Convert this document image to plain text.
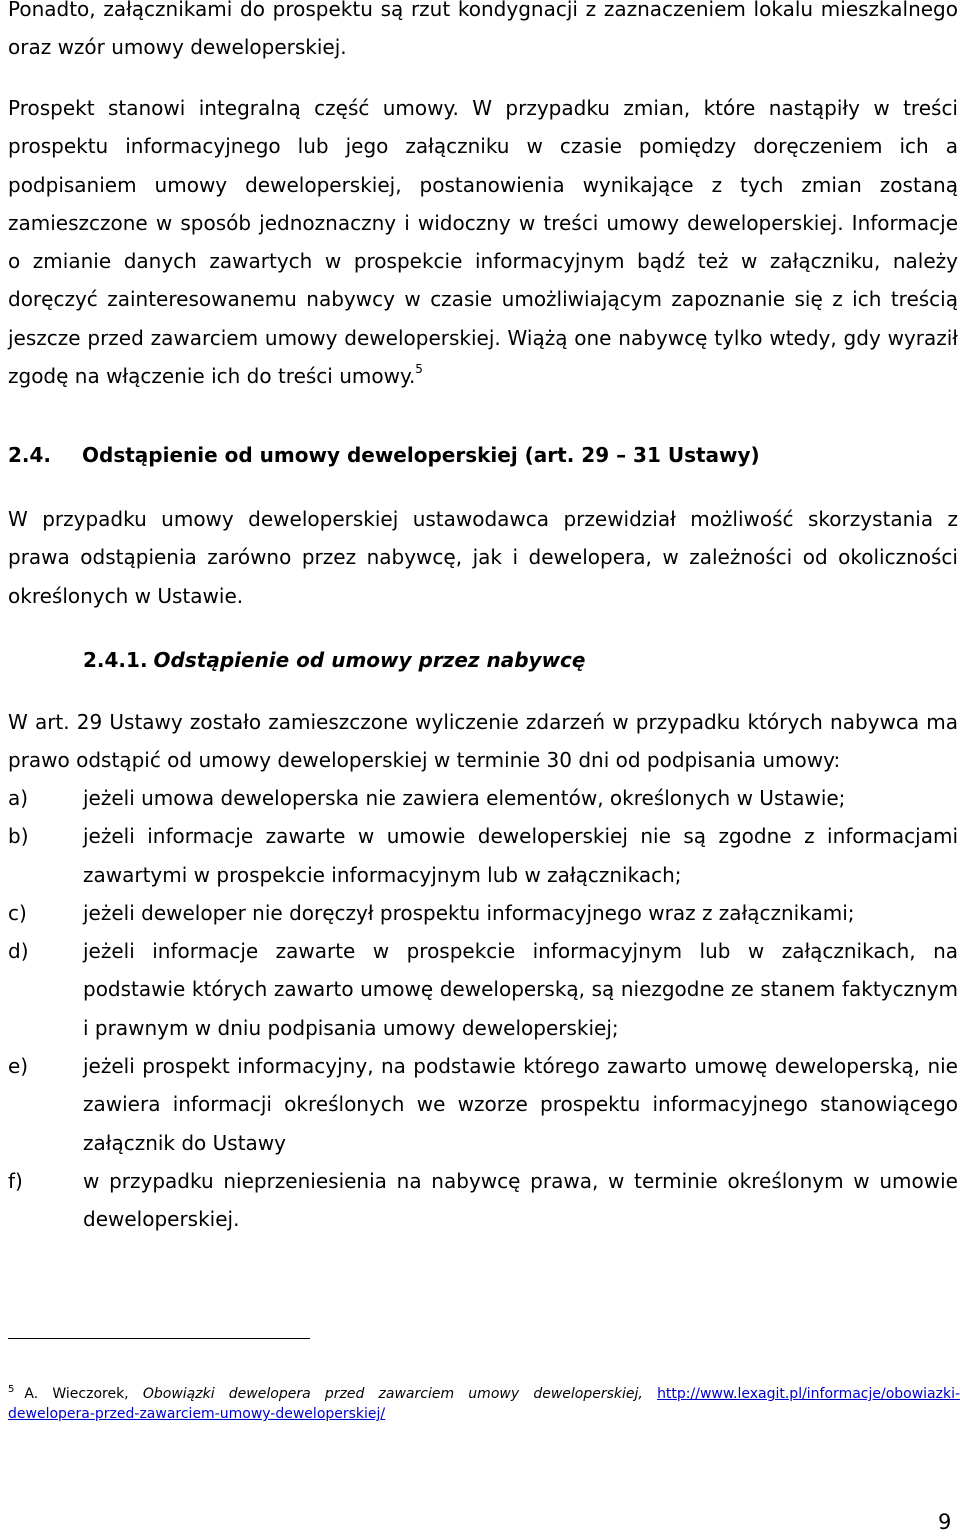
Ponadto, załącznikami do prospektu są rzut kondygnacji z zaznaczeniem lokalu mieszkalnego oraz wzór umowy deweloperskiej.

Prospekt stanowi integralną część umowy. W przypadku zmian, które nastąpiły w treści prospektu informacyjnego lub jego załączniku w czasie pomiędzy doręczeniem ich a podpisaniem umowy deweloperskiej, postanowienia wynikające z tych zmian zostaną zamieszczone w sposób jednoznaczny i widoczny w treści umowy deweloperskiej. Informacje o zmianie danych zawartych w prospekcie informacyjnym bądź też w załączniku, należy doręczyć zainteresowanemu nabywcy w czasie umożliwiającym zapoznanie się z ich treścią jeszcze przed zawarciem umowy deweloperskiej. Wiążą one nabywcę tylko wtedy, gdy wyraził zgodę na włączenie ich do treści umowy.$^5$

2.4. Odstąpienie od umowy deweloperskiej (art. 29 – 31 Ustawy)

W przypadku umowy deweloperskiej ustawodawca przewidział możliwość skorzystania z prawa odstąpienia zarówno przez nabywcę, jak i dewelopera, w zależności od okoliczności określonych w Ustawie.

2.4.1. Odstąpienie od umowy przez nabywcę

W art. 29 Ustawy zostało zamieszczone wyliczenie zdarzeń w przypadku których nabywca ma prawo odstąpić od umowy deweloperskiej w terminie 30 dni od podpisania umowy:

a)	jeżeli umowa deweloperska nie zawiera elementów, określonych w Ustawie;
b)	jeżeli informacje zawarte w umowie deweloperskiej nie są zgodne z informacjami zawartymi w prospekcie informacyjnym lub w załącznikach;
c)	jeżeli deweloper nie doręczył prospektu informacyjnego wraz z załącznikami;
d)	jeżeli informacje zawarte w prospekcie informacyjnym lub w załącznikach, na podstawie których zawarto umowę deweloperską, są niezgodne ze stanem faktycznym i prawnym w dniu podpisania umowy deweloperskiej;
e)	jeżeli prospekt informacyjny, na podstawie którego zawarto umowę deweloperską, nie zawiera informacji określonych we wzorze prospektu informacyjnego stanowiącego załącznik do Ustawy
f)	w przypadku nieprzeniesienia na nabywcę prawa, w terminie określonym w umowie deweloperskiej.

$^5$ A. Wieczorek, Obowiązki dewelopera przed zawarciem umowy deweloperskiej, http://www.lexagit.pl/informacje/obowiazki-dewelopera-przed-zawarciem-umowy-deweloperskiej/

9
